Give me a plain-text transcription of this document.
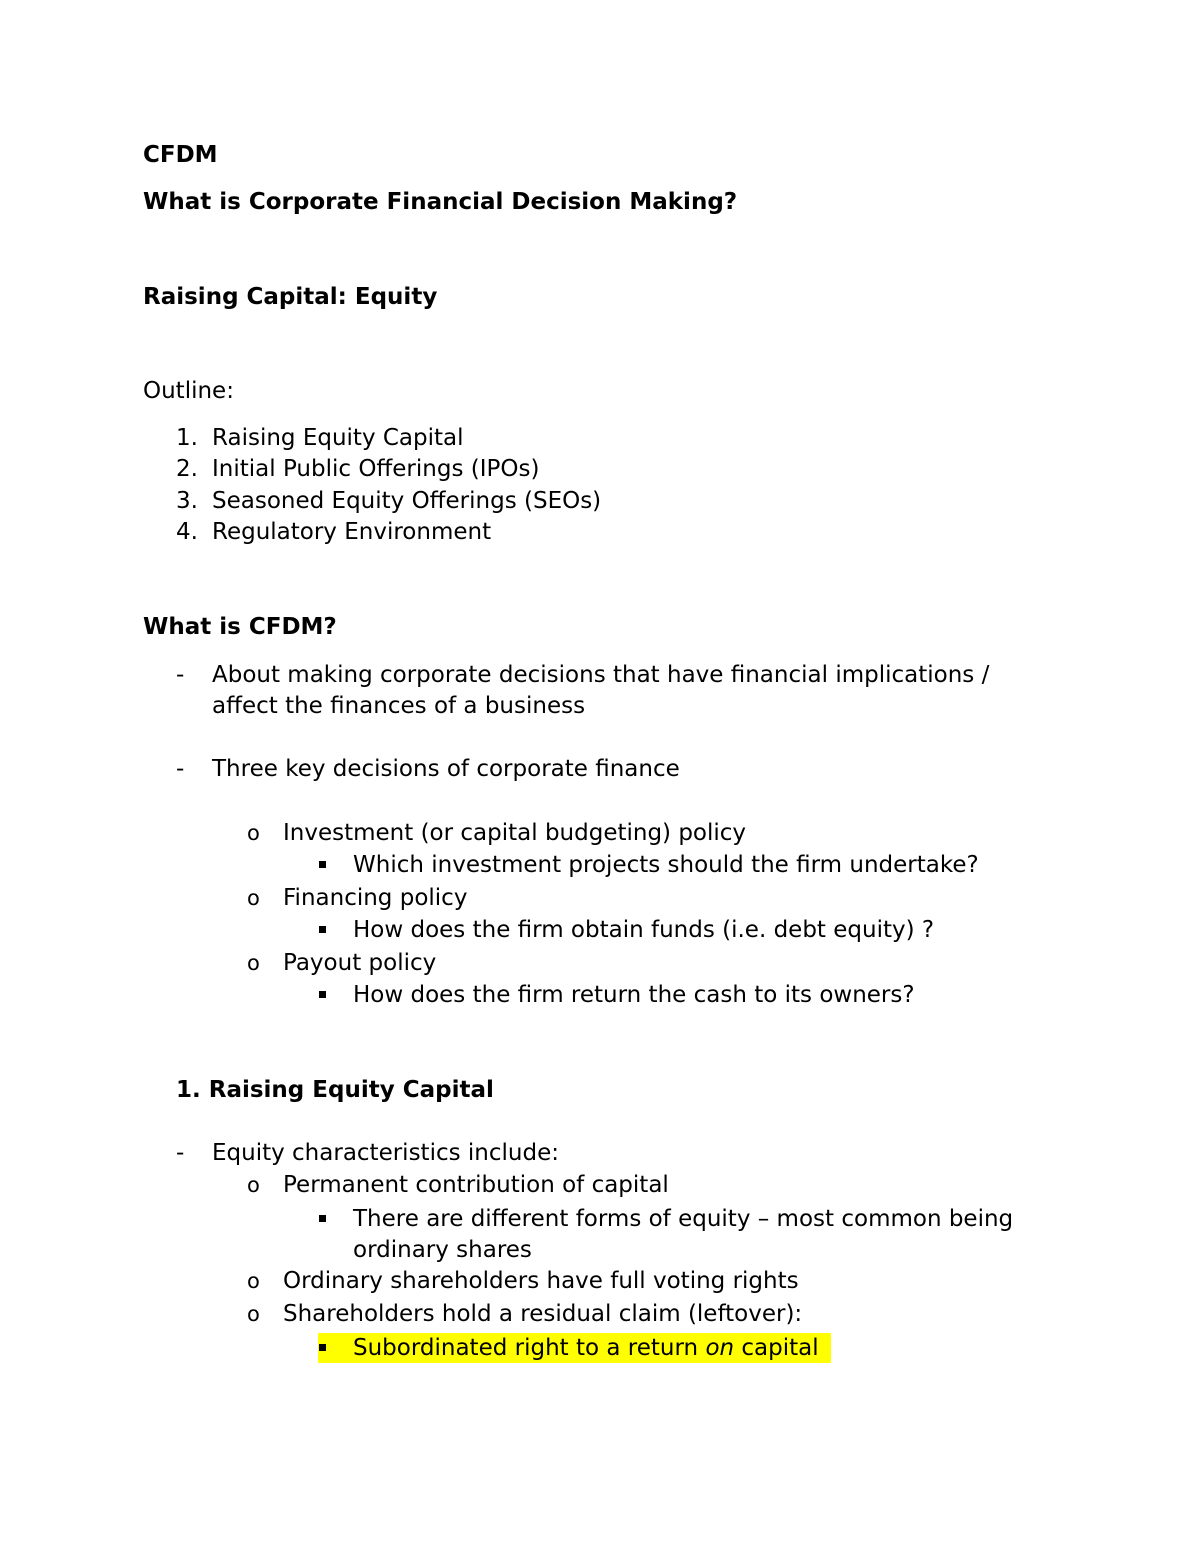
CFDM
What is Corporate Financial Decision Making?
Raising Capital: Equity
Outline:
1. Raising Equity Capital
2. Initial Public Offerings (IPOs)
3. Seasoned Equity Offerings (SEOs)
4. Regulatory Environment
What is CFDM?
- About making corporate decisions that have financial implications /
affect the finances of a business
- Three key decisions of corporate finance
o Investment (or capital budgeting) policy
Which investment projects should the firm undertake?
o Financing policy
How does the firm obtain funds (i.e. debt equity) ?
o Payout policy
How does the firm return the cash to its owners?
1. Raising Equity Capital
- Equity characteristics include:
o Permanent contribution of capital
There are different forms of equity – most common being
ordinary shares
o Ordinary shareholders have full voting rights
o Shareholders hold a residual claim (leftover):
Subordinated right to a return on capital
